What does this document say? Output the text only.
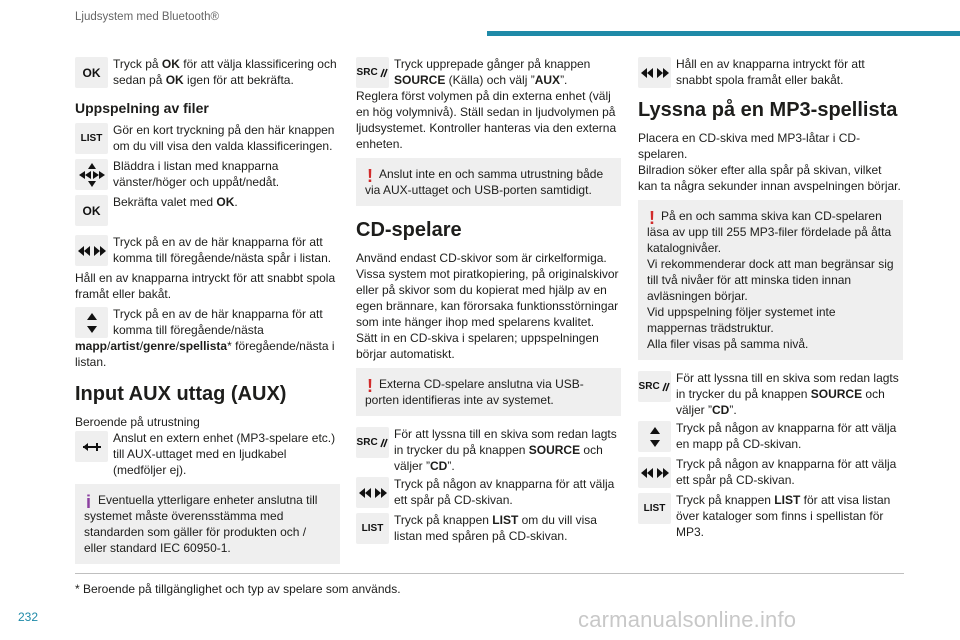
Ljudsystem med Bluetooth®
OK
Tryck på OK för att välja klassificering och sedan på OK igen för att bekräfta.
Uppspelning av filer
LIST
Gör en kort tryckning på den här knappen om du vill visa den valda klassificeringen.
Bläddra i listan med knapparna vänster/höger och uppåt/nedåt.
OK
Bekräfta valet med OK.
Tryck på en av de här knapparna för att komma till föregående/nästa spår i listan.

Håll en av knapparna intryckt för att snabbt spola framåt eller bakåt.

Tryck på en av de här knapparna för att komma till föregående/nästa
mapp/artist/genre/spellista* föregående/nästa i listan.
Input AUX uttag (AUX)

Beroende på utrustning

Anslut en extern enhet (MP3-spelare etc.) till AUX-uttaget med en ljudkabel (medföljer ej).
i Eventuella ytterligare enheter anslutna till systemet måste överensstämma med standarden som gäller för produkten och / eller standard IEC 60950-1.
SRC

Tryck upprepade gånger på knappen SOURCE (Källa) och välj ”AUX”.

Reglera först volymen på din externa enhet (välj en hög volymnivå). Ställ sedan in ljudvolymen på ljudsystemet. Kontroller hanteras via den externa enheten.

! Anslut inte en och samma utrustning både via AUX-uttaget och USB-porten samtidigt.
CD-spelare

Använd endast CD-skivor som är cirkelformiga. Vissa system mot piratkopiering, på originalskivor eller på skivor som du kopierat med hjälp av en egen brännare, kan förorsaka funktionsstörningar som inte hänger ihop med spelarens kvalitet.

Sätt in en CD-skiva i spelaren; uppspelningen börjar automatiskt.

! Externa CD-spelare anslutna via USB-porten identifieras inte av systemet.
SRC

För att lyssna till en skiva som redan lagts in trycker du på knappen SOURCE och väljer ”CD”.
Tryck på någon av knapparna för att välja ett spår på CD-skivan.
LIST
Tryck på knappen LIST om du vill visa listan med spåren på CD-skivan.
Håll en av knapparna intryckt för att snabbt spola framåt eller bakåt.
Lyssna på en MP3-spellista

Placera en CD-skiva med MP3-låtar i CD-spelaren.

Bilradion söker efter alla spår på skivan, vilket kan ta några sekunder innan avspelningen börjar.

! På en och samma skiva kan CD-spelaren läsa av upp till 255 MP3-filer fördelade på åtta katalognivåer.
Vi rekommenderar dock att man begränsar sig till två nivåer för att minska tiden innan avläsningen börjar.
Vid uppspelning följer systemet inte mappernas trädstruktur.
Alla filer visas på samma nivå.
SRC

För att lyssna till en skiva som redan lagts in trycker du på knappen SOURCE och väljer ”CD”.
Tryck på någon av knapparna för att välja en mapp på CD-skivan.
Tryck på någon av knapparna för att välja ett spår på CD-skivan.
LIST
Tryck på knappen LIST för att visa listan över kataloger som finns i spellistan för MP3.
* Beroende på tillgänglighet och typ av spelare som används.
232	carmanualsonline.info
